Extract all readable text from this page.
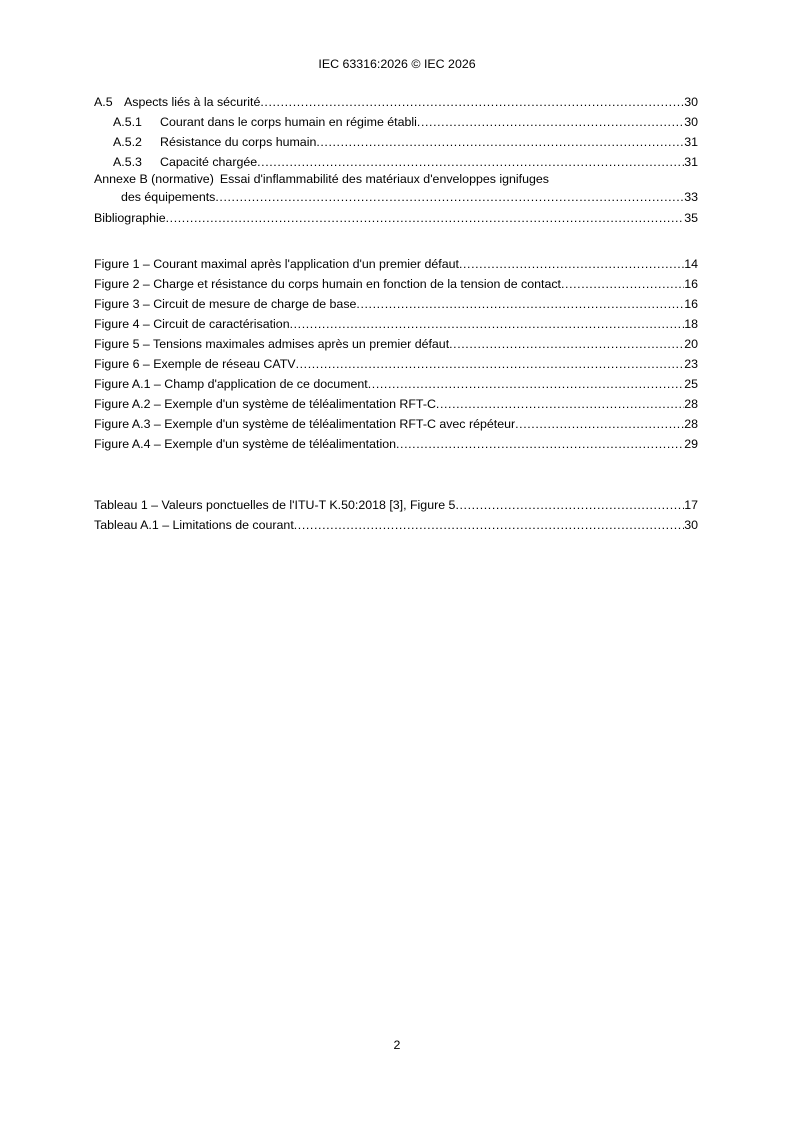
IEC 63316:2026 © IEC 2026
A.5 Aspects liés à la sécurité .....	30
A.5.1 Courant dans le corps humain en régime établi .....	30
A.5.2 Résistance du corps humain .....	31
A.5.3 Capacité chargée .....	31
Annexe B (normative) Essai d'inflammabilité des matériaux d'enveloppes ignifuges
des équipements .....	33
Bibliographie .....	35
Figure 1 – Courant maximal après l'application d'un premier défaut .....	14
Figure 2 – Charge et résistance du corps humain en fonction de la tension de contact .....	16
Figure 3 – Circuit de mesure de charge de base .....	16
Figure 4 – Circuit de caractérisation .....	18
Figure 5 – Tensions maximales admises après un premier défaut .....	20
Figure 6 – Exemple de réseau CATV .....	23
Figure A.1 – Champ d'application de ce document .....	25
Figure A.2 – Exemple d'un système de téléalimentation RFT-C .....	28
Figure A.3 – Exemple d'un système de téléalimentation RFT-C avec répéteur .....	28
Figure A.4 – Exemple d'un système de téléalimentation .....	29
Tableau 1 – Valeurs ponctuelles de l'ITU-T K.50:2018 [3], Figure 5 .....	17
Tableau A.1 – Limitations de courant .....	30
2
